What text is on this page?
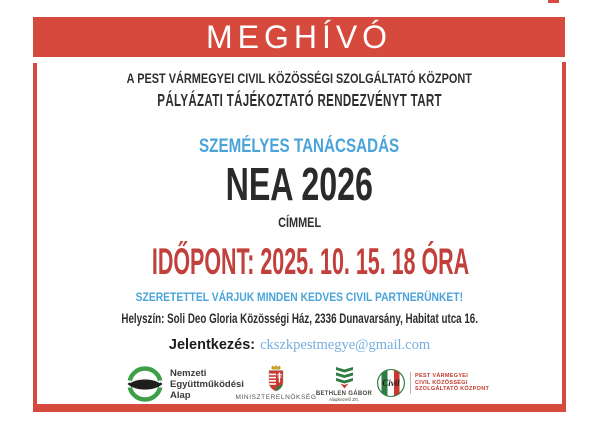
MEGHÍVÓ
A PEST VÁRMEGYEI CIVIL KÖZÖSSÉGI SZOLGÁLTATÓ KÖZPONT
PÁLYÁZATI TÁJÉKOZTATÓ RENDEZVÉNYT TART
SZEMÉLYES TANÁCSADÁS
NEA 2026
CÍMMEL
IDŐPONT: 2025. 10. 15. 18 ÓRA
SZERETETTEL VÁRJUK MINDEN KEDVES CIVIL PARTNERÜNKET!
Helyszín: Soli Deo Gloria Közösségi Ház, 2336 Dunavarsány, Habitat utca 16.
Jelentkezés: ckszkpestmegye@gmail.com
Nemzeti
Együttműködési
Alap	MINISZTERELNÖKSÉG BETHLEN GÁBOR
Alapkezelő Zrt.
Civil
PEST VÁRMEGYEI
CIVIL KÖZÖSSÉGI
SZOLGÁLTATÓ KÖZPONT
